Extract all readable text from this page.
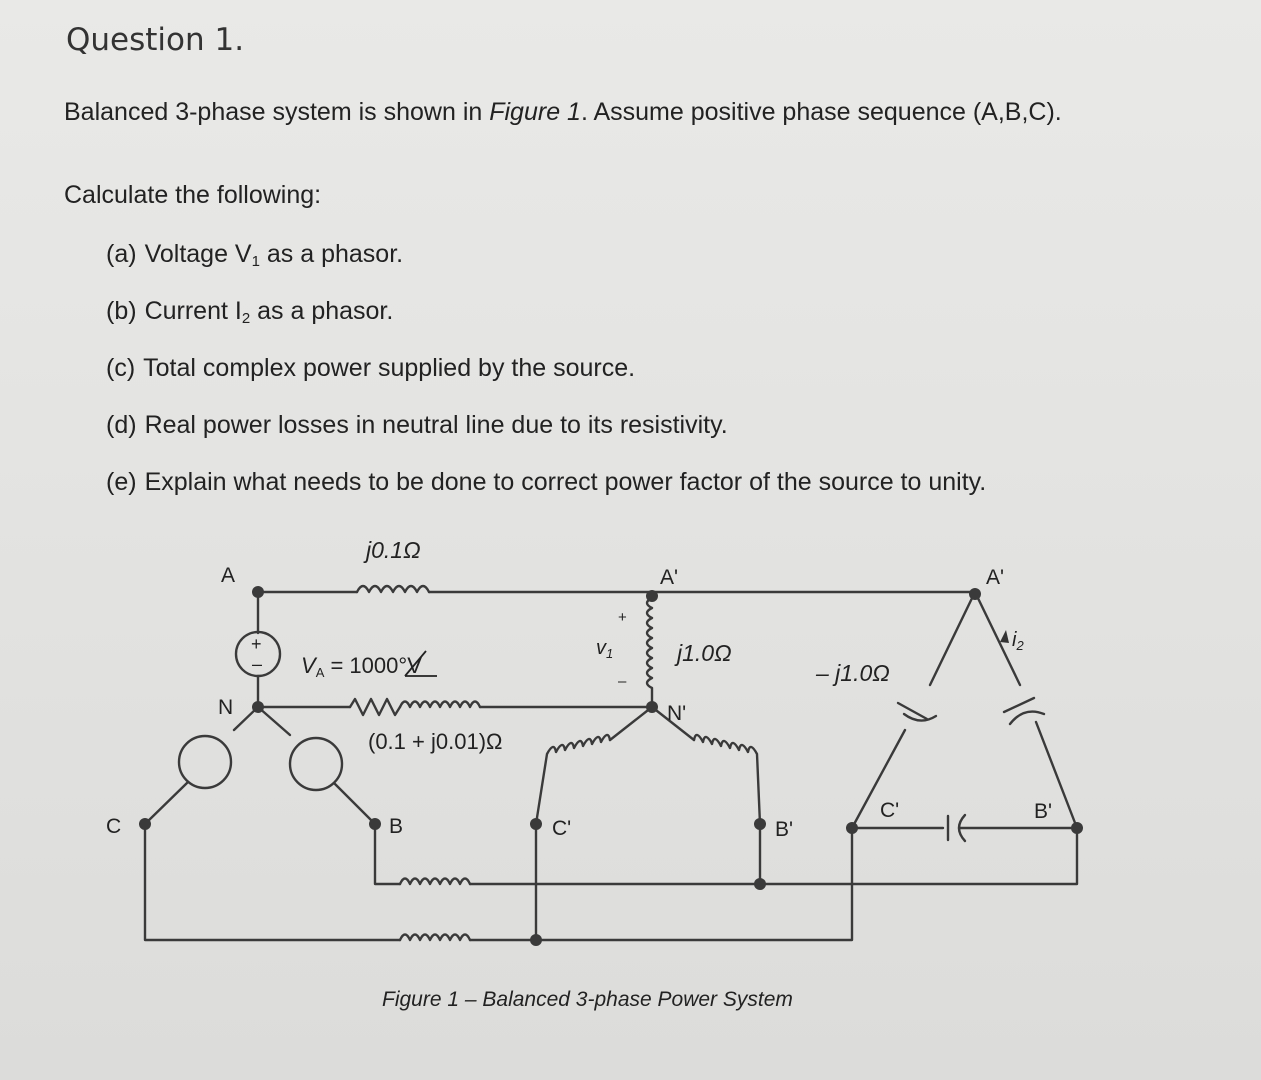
Question 1.
Balanced 3-phase system is shown in Figure 1. Assume positive phase sequence (A,B,C).
Calculate the following:
(a) Voltage $V_1$ as a phasor.
(b) Current $I_2$ as a phasor.
(c) Total complex power supplied by the source.
(d) Real power losses in neutral line due to its resistivity.
(e) Explain what needs to be done to correct power factor of the source to unity.
j0.1Ω
A
N
C	B
+
– VA = 1000°V
(0.1 + j0.01)Ω
$v_1$
+
–
A'
N'
j1.0Ω
C'	B'
– j1.0Ω
A'
$i_2$
C'	B'
Figure 1 – Balanced 3-phase Power System
